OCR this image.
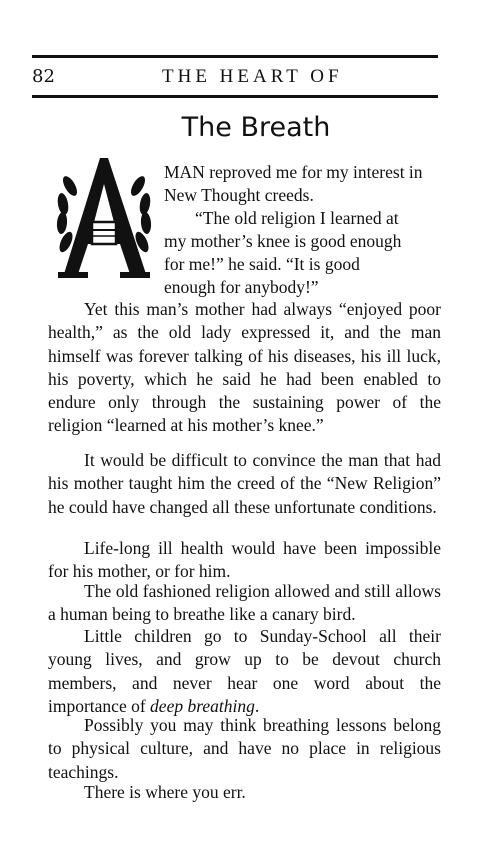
82	THE HEART OF
The Breath
MAN reproved me for my interest in
New Thought creeds.
“The old religion I learned at
my mother’s knee is good enough
for me!” he said. “It is good
enough for anybody!”

Yet this man’s mother had always “enjoyed poor health,” as the old lady expressed it, and the man himself was forever talking of his diseases, his ill luck, his poverty, which he said he had been enabled to endure only through the sustaining power of the religion “learned at his mother’s knee.”

It would be difficult to convince the man that had his mother taught him the creed of the “New Religion” he could have changed all these unfortunate conditions.

Life-long ill health would have been impossible for his mother, or for him.

The old fashioned religion allowed and still allows a human being to breathe like a canary bird.

Little children go to Sunday-School all their young lives, and grow up to be devout church members, and never hear one word about the importance of deep breathing.

Possibly you may think breathing lessons belong to physical culture, and have no place in religious teachings.

There is where you err.
